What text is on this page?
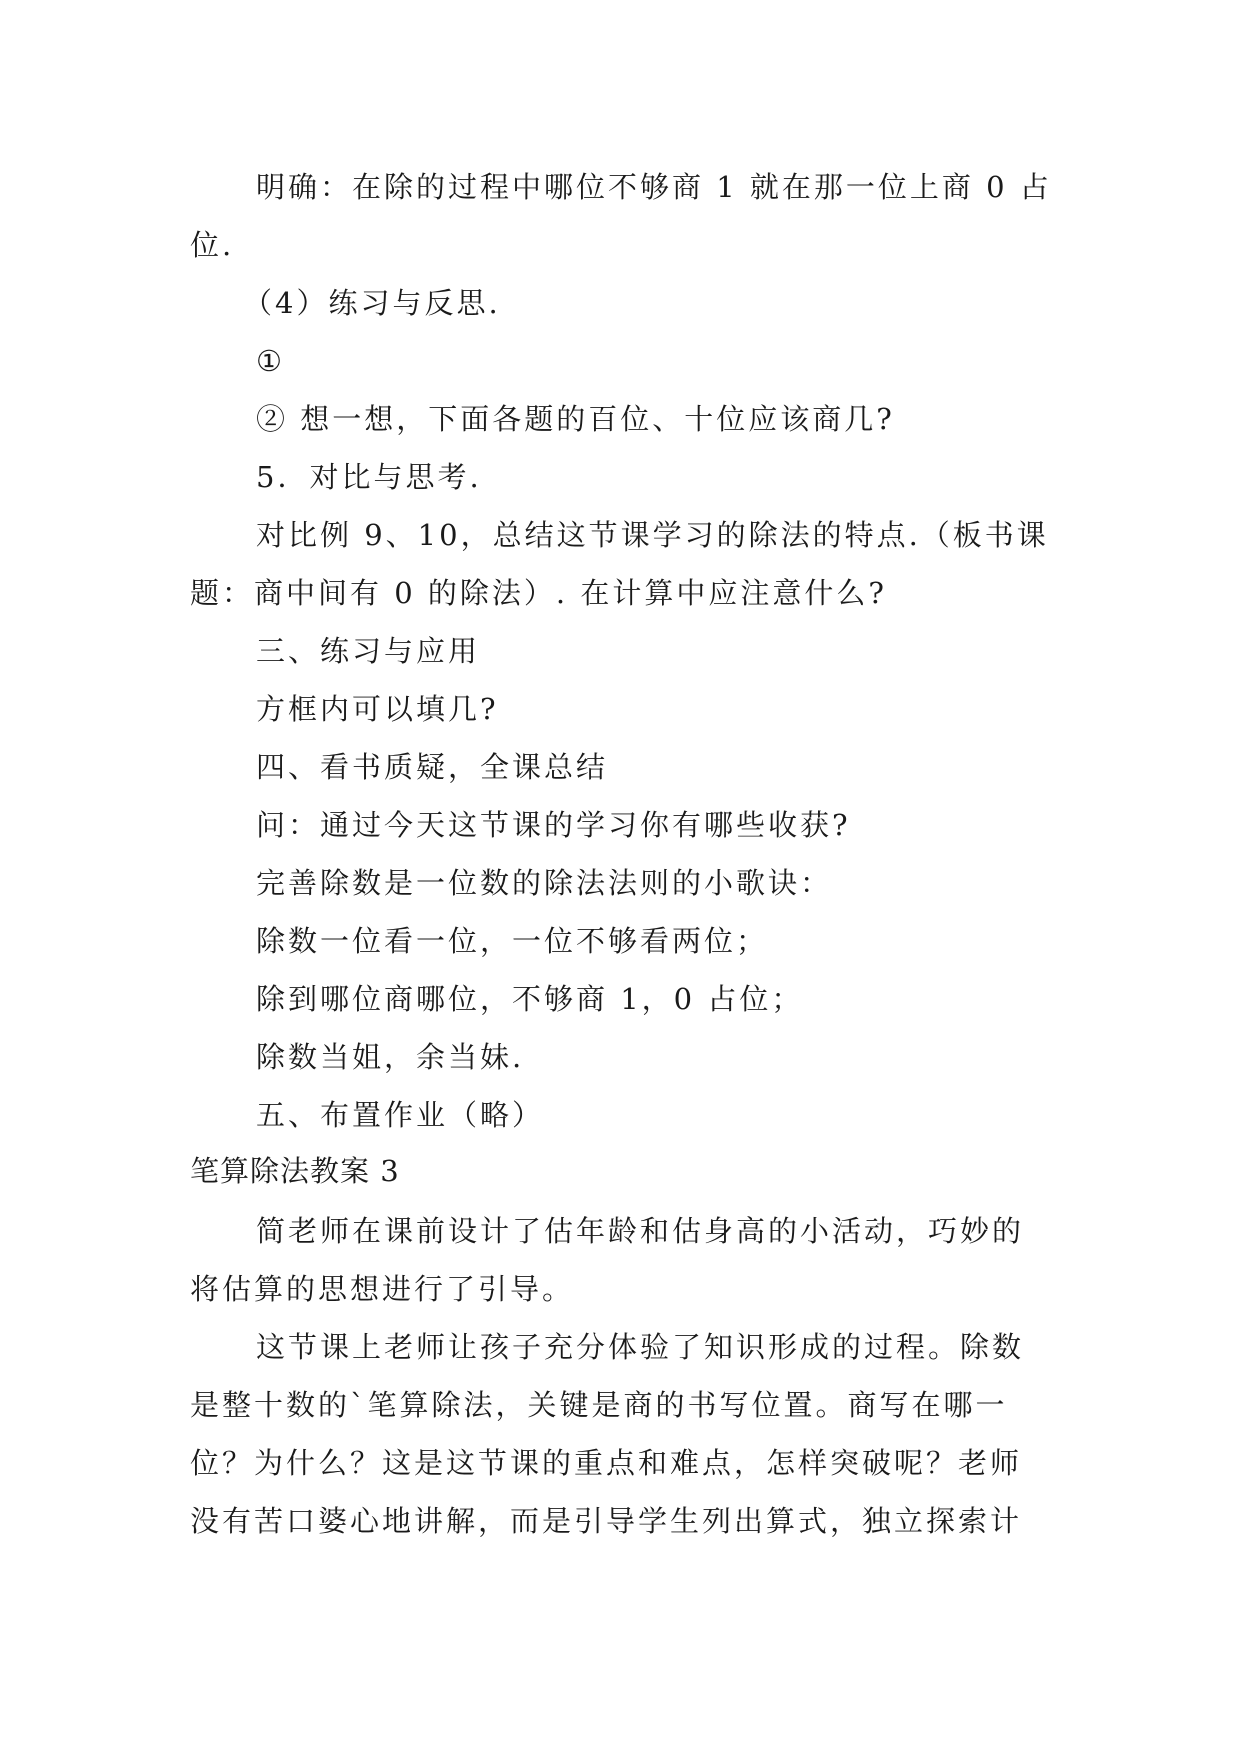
明确：在除的过程中哪位不够商 1 就在那一位上商 0 占
位.
（4）练习与反思.
①
② 想一想，下面各题的百位、十位应该商几?
5．对比与思考.
对比例 9、10，总结这节课学习的除法的特点.（板书课
题：商中间有 0 的除法）. 在计算中应注意什么?
三、练习与应用
方框内可以填几?
四、看书质疑，全课总结
问：通过今天这节课的学习你有哪些收获?
完善除数是一位数的除法法则的小歌诀：
除数一位看一位，一位不够看两位；
除到哪位商哪位，不够商 1，0 占位；
除数当姐，余当妹.
五、布置作业（略）
笔算除法教案 3
简老师在课前设计了估年龄和估身高的小活动，巧妙的
将估算的思想进行了引导。
这节课上老师让孩子充分体验了知识形成的过程。除数
是整十数的`笔算除法，关键是商的书写位置。商写在哪一
位？为什么？这是这节课的重点和难点，怎样突破呢？老师
没有苦口婆心地讲解，而是引导学生列出算式，独立探索计
